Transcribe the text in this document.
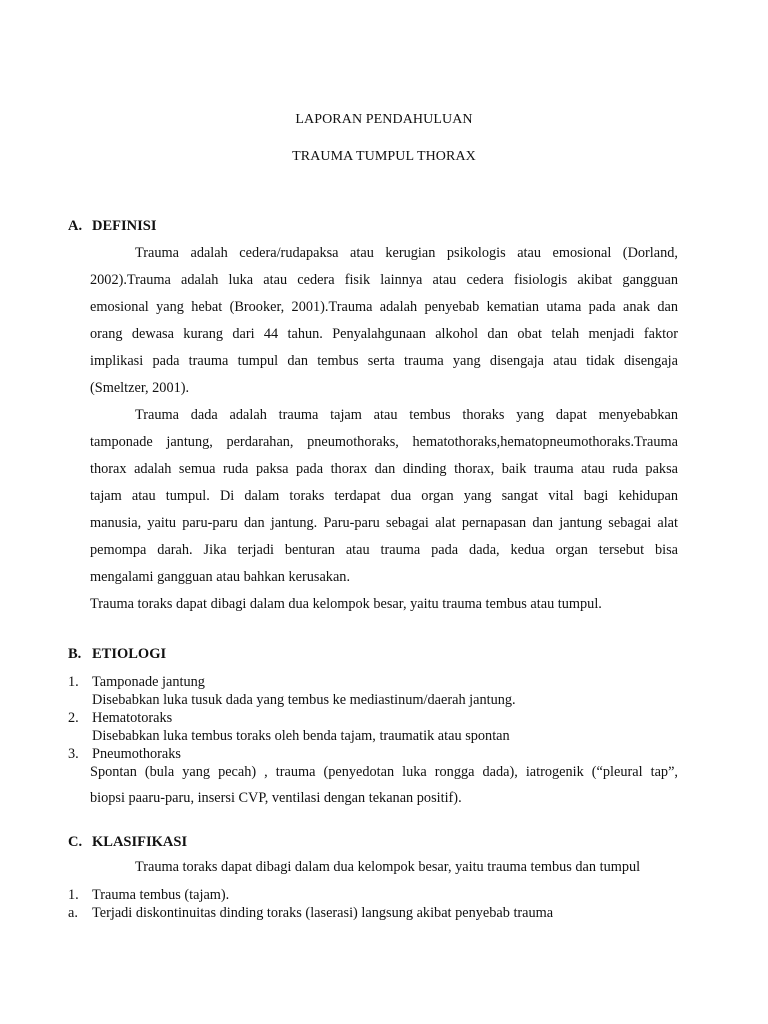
LAPORAN PENDAHULUAN
TRAUMA TUMPUL THORAX
A. DEFINISI
Trauma adalah cedera/rudapaksa atau kerugian psikologis atau emosional (Dorland,
2002).Trauma adalah luka atau cedera fisik lainnya atau cedera fisiologis akibat gangguan
emosional yang hebat (Brooker, 2001).Trauma adalah penyebab kematian utama pada anak dan
orang dewasa kurang dari 44 tahun. Penyalahgunaan alkohol dan obat telah menjadi faktor
implikasi pada trauma tumpul dan tembus serta trauma yang disengaja atau tidak disengaja
(Smeltzer, 2001).
Trauma dada adalah trauma tajam atau tembus thoraks yang dapat menyebabkan
tamponade jantung, perdarahan, pneumothoraks, hematothoraks,hematopneumothoraks.Trauma
thorax adalah semua ruda paksa pada thorax dan dinding thorax, baik trauma atau ruda paksa
tajam atau tumpul. Di dalam toraks terdapat dua organ yang sangat vital bagi kehidupan
manusia, yaitu paru-paru dan jantung. Paru-paru sebagai alat pernapasan dan jantung sebagai alat
pemompa darah. Jika terjadi benturan atau trauma pada dada, kedua organ tersebut bisa
mengalami gangguan atau bahkan kerusakan.
Trauma toraks dapat dibagi dalam dua kelompok besar, yaitu trauma tembus atau tumpul.
B. ETIOLOGI
1. Tamponade jantung
Disebabkan luka tusuk dada yang tembus ke mediastinum/daerah jantung.
2. Hematotoraks
Disebabkan luka tembus toraks oleh benda tajam, traumatik atau spontan
3. Pneumothoraks
Spontan (bula yang pecah) , trauma (penyedotan luka rongga dada), iatrogenik (“pleural tap”,
biopsi paaru-paru, insersi CVP, ventilasi dengan tekanan positif).
C. KLASIFIKASI
Trauma toraks dapat dibagi dalam dua kelompok besar, yaitu trauma tembus dan tumpul
1. Trauma tembus (tajam).
a. Terjadi diskontinuitas dinding toraks (laserasi) langsung akibat penyebab trauma
